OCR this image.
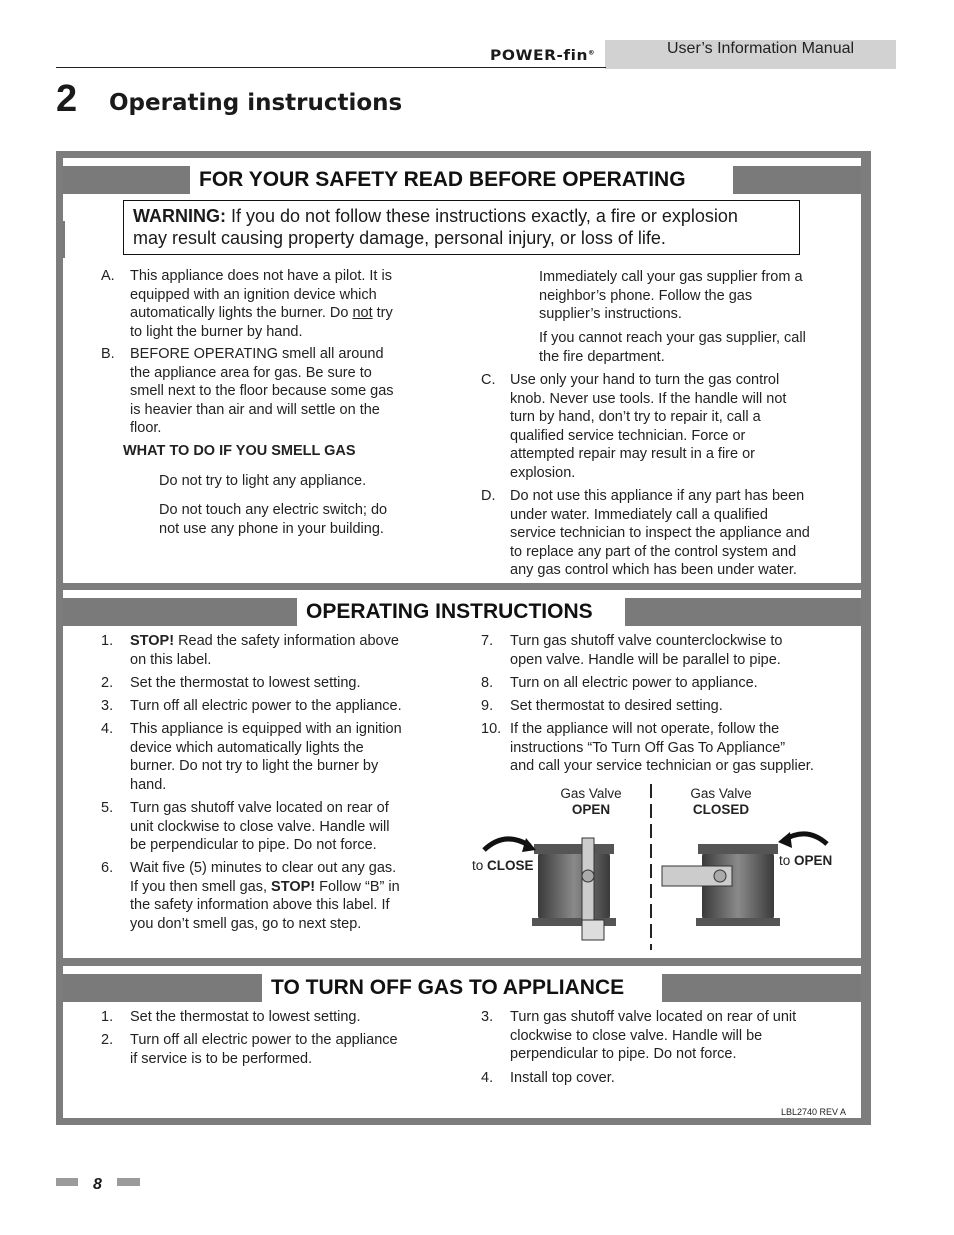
POWER-fin®	User’s Information Manual
2 Operating instructions
FOR YOUR SAFETY READ BEFORE OPERATING
WARNING: If you do not follow these instructions exactly, a fire or explosion
may result causing property damage, personal injury, or loss of life.
A. This appliance does not have a pilot. It is
equipped with an ignition device which
automatically lights the burner. Do not try
to light the burner by hand.
B. BEFORE OPERATING smell all around
the appliance area for gas. Be sure to
smell next to the floor because some gas
is heavier than air and will settle on the
floor.
WHAT TO DO IF YOU SMELL GAS
Do not try to light any appliance.
Do not touch any electric switch; do
not use any phone in your building.
Immediately call your gas supplier from a
neighbor’s phone. Follow the gas
supplier’s instructions.
If you cannot reach your gas supplier, call
the fire department.
C. Use only your hand to turn the gas control
knob. Never use tools. If the handle will not
turn by hand, don’t try to repair it, call a
qualified service technician. Force or
attempted repair may result in a fire or
explosion.
D. Do not use this appliance if any part has been
under water. Immediately call a qualified
service technician to inspect the appliance and
to replace any part of the control system and
any gas control which has been under water.
OPERATING INSTRUCTIONS
1. STOP! Read the safety information above
on this label.
2. Set the thermostat to lowest setting.
3. Turn off all electric power to the appliance.
4. This appliance is equipped with an ignition
device which automatically lights the
burner. Do not try to light the burner by
hand.
5. Turn gas shutoff valve located on rear of
unit clockwise to close valve. Handle will
be perpendicular to pipe. Do not force.
6. Wait five (5) minutes to clear out any gas.
If you then smell gas, STOP! Follow “B” in
the safety information above this label. If
you don’t smell gas, go to next step.
7. Turn gas shutoff valve counterclockwise to
open valve. Handle will be parallel to pipe.
8. Turn on all electric power to appliance.
9. Set thermostat to desired setting.
10. If the appliance will not operate, follow the
instructions “To Turn Off Gas To Appliance”
and call your service technician or gas supplier.
Gas Valve
OPEN
Gas Valve
CLOSED
to CLOSE	to OPEN
TO TURN OFF GAS TO APPLIANCE
1. Set the thermostat to lowest setting.
2. Turn off all electric power to the appliance
if service is to be performed.
3. Turn gas shutoff valve located on rear of unit
clockwise to close valve. Handle will be
perpendicular to pipe. Do not force.
4. Install top cover.
LBL2740 REV A
8
